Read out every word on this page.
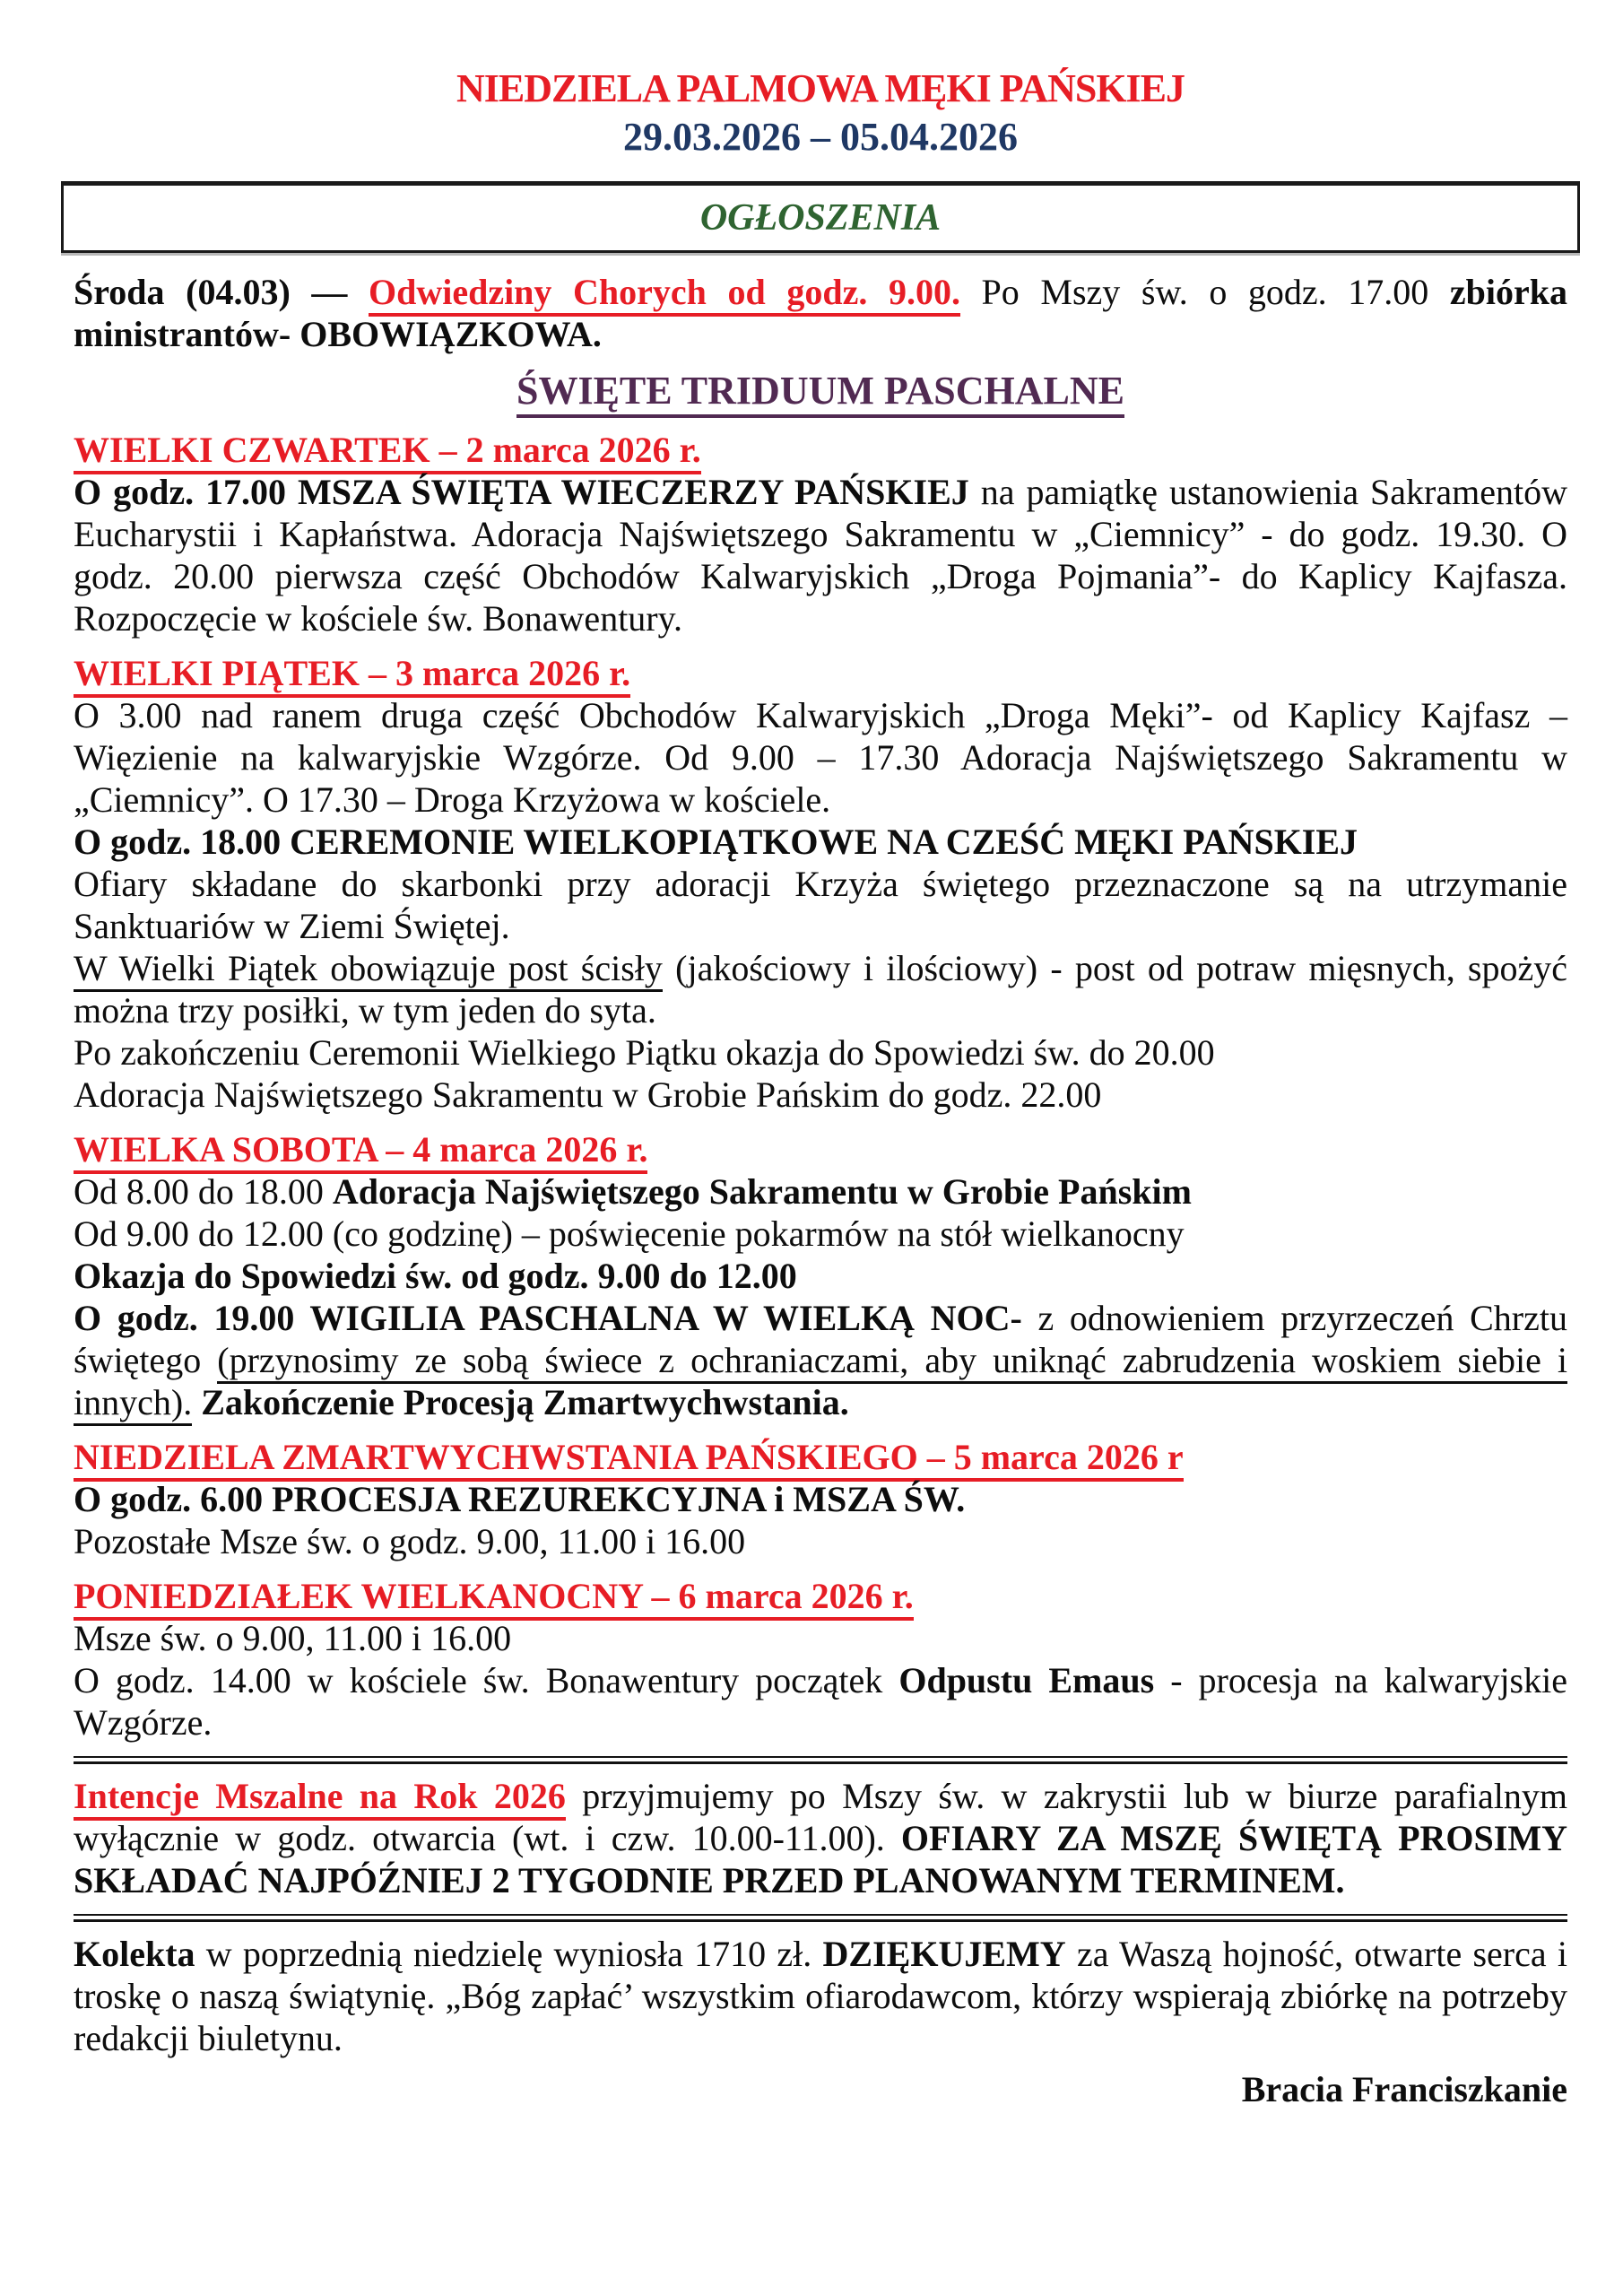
NIEDZIELA PALMOWA MĘKI PAŃSKIEJ
29.03.2026 – 05.04.2026
OGŁOSZENIA

Środa (04.03) — Odwiedziny Chorych od godz. 9.00. Po Mszy św. o godz. 17.00 zbiórka ministrantów- OBOWIĄZKOWA.

ŚWIĘTE TRIDUUM PASCHALNE

WIELKI CZWARTEK – 2 marca 2026 r.

O godz. 17.00 MSZA ŚWIĘTA WIECZERZY PAŃSKIEJ na pamiątkę ustanowienia Sakramentów Eucharystii i Kapłaństwa. Adoracja Najświętszego Sakramentu w „Ciemnicy” - do godz. 19.30. O godz. 20.00 pierwsza część Obchodów Kalwaryjskich „Droga Pojmania”- do Kaplicy Kajfasza. Rozpoczęcie w kościele św. Bonawentury.

WIELKI PIĄTEK – 3 marca 2026 r.

O 3.00 nad ranem druga część Obchodów Kalwaryjskich „Droga Męki”- od Kaplicy Kajfasz – Więzienie na kalwaryjskie Wzgórze. Od 9.00 – 17.30 Adoracja Najświętszego Sakramentu w „Ciemnicy”. O 17.30 – Droga Krzyżowa w kościele.

O godz. 18.00 CEREMONIE WIELKOPIĄTKOWE NA CZEŚĆ MĘKI PAŃSKIEJ

Ofiary składane do skarbonki przy adoracji Krzyża świętego przeznaczone są na utrzymanie Sanktuariów w Ziemi Świętej.

W Wielki Piątek obowiązuje post ścisły (jakościowy i ilościowy) - post od potraw mięsnych, spożyć można trzy posiłki, w tym jeden do syta.

Po zakończeniu Ceremonii Wielkiego Piątku okazja do Spowiedzi św. do 20.00

Adoracja Najświętszego Sakramentu w Grobie Pańskim do godz. 22.00

WIELKA SOBOTA – 4 marca 2026 r.

Od 8.00 do 18.00 Adoracja Najświętszego Sakramentu w Grobie Pańskim

Od 9.00 do 12.00 (co godzinę) – poświęcenie pokarmów na stół wielkanocny

Okazja do Spowiedzi św. od godz. 9.00 do 12.00

O godz. 19.00 WIGILIA PASCHALNA W WIELKĄ NOC- z odnowieniem przyrzeczeń Chrztu świętego (przynosimy ze sobą świece z ochraniaczami, aby uniknąć zabrudzenia woskiem siebie i innych). Zakończenie Procesją Zmartwychwstania.

NIEDZIELA ZMARTWYCHWSTANIA PAŃSKIEGO – 5 marca 2026 r

O godz. 6.00 PROCESJA REZUREKCYJNA i MSZA ŚW.

Pozostałe Msze św. o godz. 9.00, 11.00 i 16.00

PONIEDZIAŁEK WIELKANOCNY – 6 marca 2026 r.

Msze św. o 9.00, 11.00 i 16.00

O godz. 14.00 w kościele św. Bonawentury początek Odpustu Emaus - procesja na kalwaryjskie Wzgórze.

Intencje Mszalne na Rok 2026 przyjmujemy po Mszy św. w zakrystii lub w biurze parafialnym wyłącznie w godz. otwarcia (wt. i czw. 10.00-11.00). OFIARY ZA MSZĘ ŚWIĘTĄ PROSIMY SKŁADAĆ NAJPÓŹNIEJ 2 TYGODNIE PRZED PLANOWANYM TERMINEM.

Kolekta w poprzednią niedzielę wyniosła 1710 zł. DZIĘKUJEMY za Waszą hojność, otwarte serca i troskę o naszą świątynię. „Bóg zapłać’ wszystkim ofiarodawcom, którzy wspierają zbiórkę na potrzeby redakcji biuletynu.

Bracia Franciszkanie
